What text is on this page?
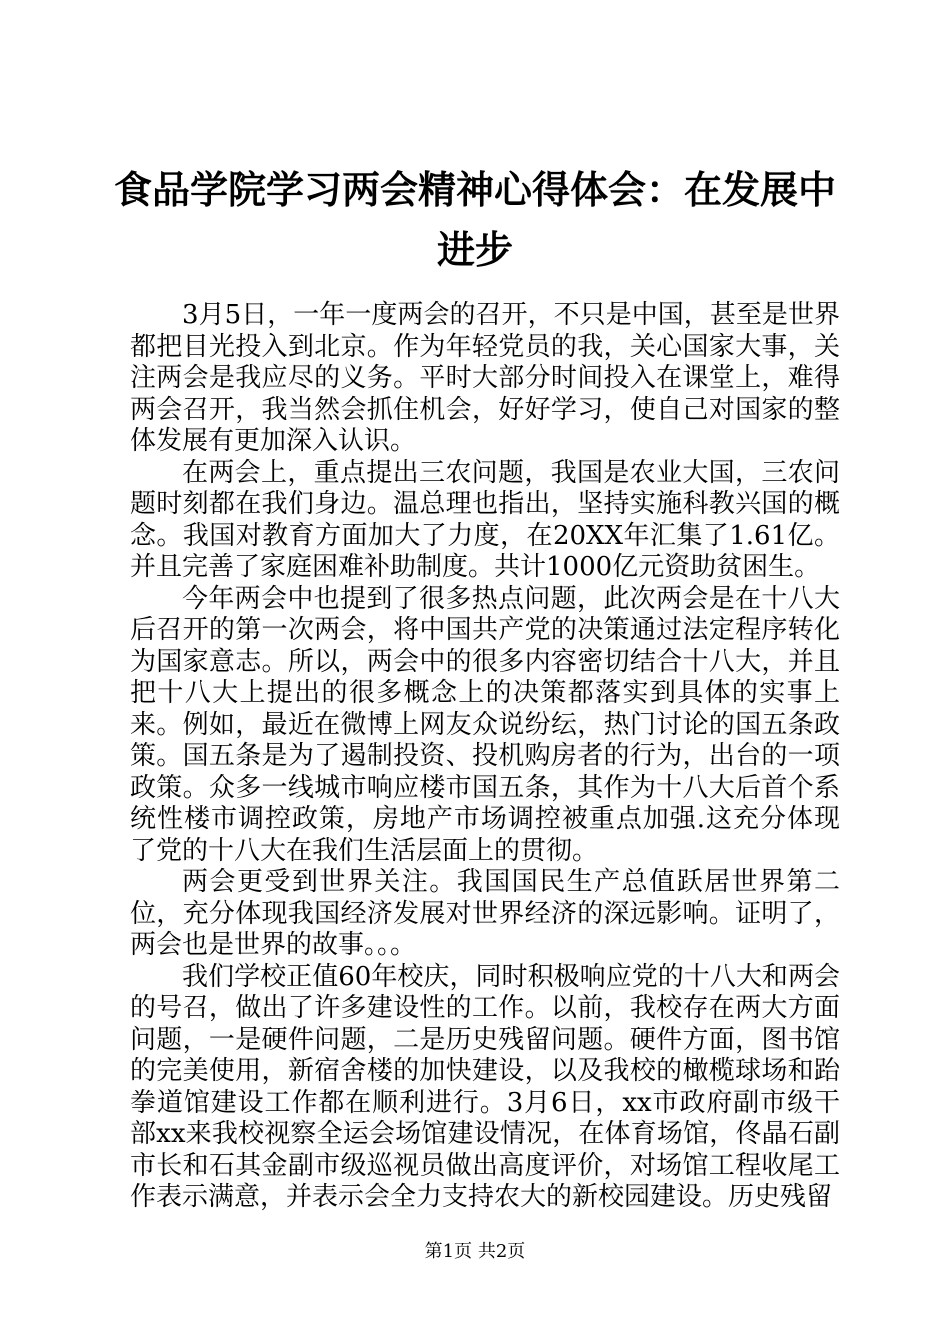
食品学院学习两会精神心得体会：在发展中进步

3月5日，一年一度两会的召开，不只是中国，甚至是世界都把目光投入到北京。作为年轻党员的我，关心国家大事，关注两会是我应尽的义务。平时大部分时间投入在课堂上，难得两会召开，我当然会抓住机会，好好学习，使自己对国家的整体发展有更加深入认识。

在两会上，重点提出三农问题，我国是农业大国，三农问题时刻都在我们身边。温总理也指出，坚持实施科教兴国的概念。我国对教育方面加大了力度，在20XX年汇集了1.61亿。并且完善了家庭困难补助制度。共计1000亿元资助贫困生。

今年两会中也提到了很多热点问题，此次两会是在十八大后召开的第一次两会，将中国共产党的决策通过法定程序转化为国家意志。所以，两会中的很多内容密切结合十八大，并且把十八大上提出的很多概念上的决策都落实到具体的实事上来。例如，最近在微博上网友众说纷纭，热门讨论的国五条政策。国五条是为了遏制投资、投机购房者的行为，出台的一项政策。众多一线城市响应楼市国五条，其作为十八大后首个系统性楼市调控政策，房地产市场调控被重点加强.这充分体现了党的十八大在我们生活层面上的贯彻。

两会更受到世界关注。我国国民生产总值跃居世界第二位，充分体现我国经济发展对世界经济的深远影响。证明了，两会也是世界的故事。。。

我们学校正值60年校庆，同时积极响应党的十八大和两会的号召，做出了许多建设性的工作。以前，我校存在两大方面问题，一是硬件问题，二是历史残留问题。硬件方面，图书馆的完美使用，新宿舍楼的加快建设，以及我校的橄榄球场和跆拳道馆建设工作都在顺利进行。3月6日，xx市政府副市级干部xx来我校视察全运会场馆建设情况，在体育场馆，佟晶石副市长和石其金副市级巡视员做出高度评价，对场馆工程收尾工作表示满意，并表示会全力支持农大的新校园建设。历史残留

第1页 共2页
